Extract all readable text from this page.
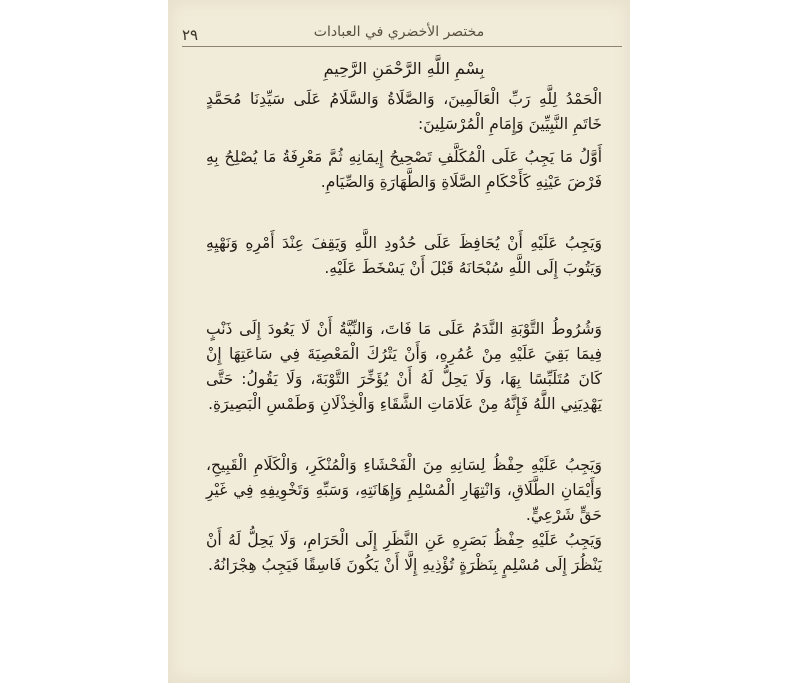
٢٩	مختصر الأخضري في العبادات

بِسْمِ اللَّهِ الرَّحْمَنِ الرَّحِيمِ

الْحَمْدُ لِلَّهِ رَبِّ الْعَالَمِينَ، وَالصَّلَاةُ وَالسَّلَامُ عَلَى سَيِّدِنَا مُحَمَّدٍ خَاتَمِ النَّبِيِّينَ وَإِمَامِ الْمُرْسَلِينَ:

أَوَّلُ مَا يَجِبُ عَلَى الْمُكَلَّفِ تَصْحِيحُ إِيمَانِهِ ثُمَّ مَعْرِفَةُ مَا يُصْلِحُ بِهِ فَرْضَ عَيْنِهِ كَأَحْكَامِ الصَّلَاةِ وَالطَّهَارَةِ وَالصِّيَامِ.

وَيَجِبُ عَلَيْهِ أَنْ يُحَافِظَ عَلَى حُدُودِ اللَّهِ وَيَقِفَ عِنْدَ أَمْرِهِ وَنَهْيِهِ وَيَتُوبَ إِلَى اللَّهِ سُبْحَانَهُ قَبْلَ أَنْ يَسْخَطَ عَلَيْهِ.

وَشُرُوطُ التَّوْبَةِ النَّدَمُ عَلَى مَا فَاتَ، وَالنِّيَّةُ أَنْ لَا يَعُودَ إِلَى ذَنْبٍ فِيمَا بَقِيَ عَلَيْهِ مِنْ عُمُرِهِ، وَأَنْ يَتْرُكَ الْمَعْصِيَةَ فِي سَاعَتِهَا إِنْ كَانَ مُتَلَبِّسًا بِهَا، وَلَا يَحِلُّ لَهُ أَنْ يُؤَخِّرَ التَّوْبَةَ، وَلَا يَقُولُ: حَتَّى يَهْدِيَنِي اللَّهُ فَإِنَّهُ مِنْ عَلَامَاتِ الشَّقَاءِ وَالْخِذْلَانِ وَطَمْسِ الْبَصِيرَةِ.

وَيَجِبُ عَلَيْهِ حِفْظُ لِسَانِهِ مِنَ الْفَحْشَاءِ وَالْمُنْكَرِ، وَالْكَلَامِ الْقَبِيحِ، وَأَيْمَانِ الطَّلَاقِ، وَانْتِهَارِ الْمُسْلِمِ وَإِهَانَتِهِ، وَسَبِّهِ وَتَخْوِيفِهِ فِي غَيْرِ حَقٍّ شَرْعِيٍّ.

وَيَجِبُ عَلَيْهِ حِفْظُ بَصَرِهِ عَنِ النَّظَرِ إِلَى الْحَرَامِ، وَلَا يَحِلُّ لَهُ أَنْ يَنْظُرَ إِلَى مُسْلِمٍ بِنَظْرَةٍ تُؤْذِيهِ إِلَّا أَنْ يَكُونَ فَاسِقًا فَيَجِبُ هِجْرَانُهُ.
